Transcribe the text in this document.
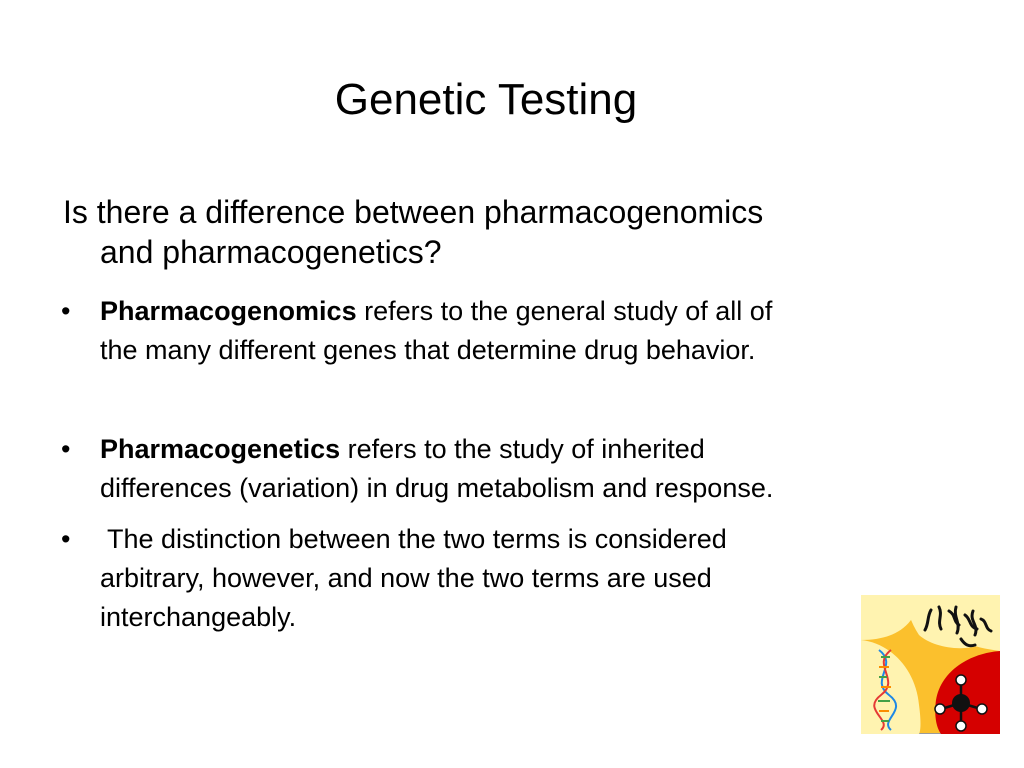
Genetic Testing
Is there a difference between pharmacogenomics
and pharmacogenetics?
• Pharmacogenomics refers to the general study of all of
the many different genes that determine drug behavior.
• Pharmacogenetics refers to the study of inherited
differences (variation) in drug metabolism and response.
• The distinction between the two terms is considered
arbitrary, however, and now the two terms are used
interchangeably.
